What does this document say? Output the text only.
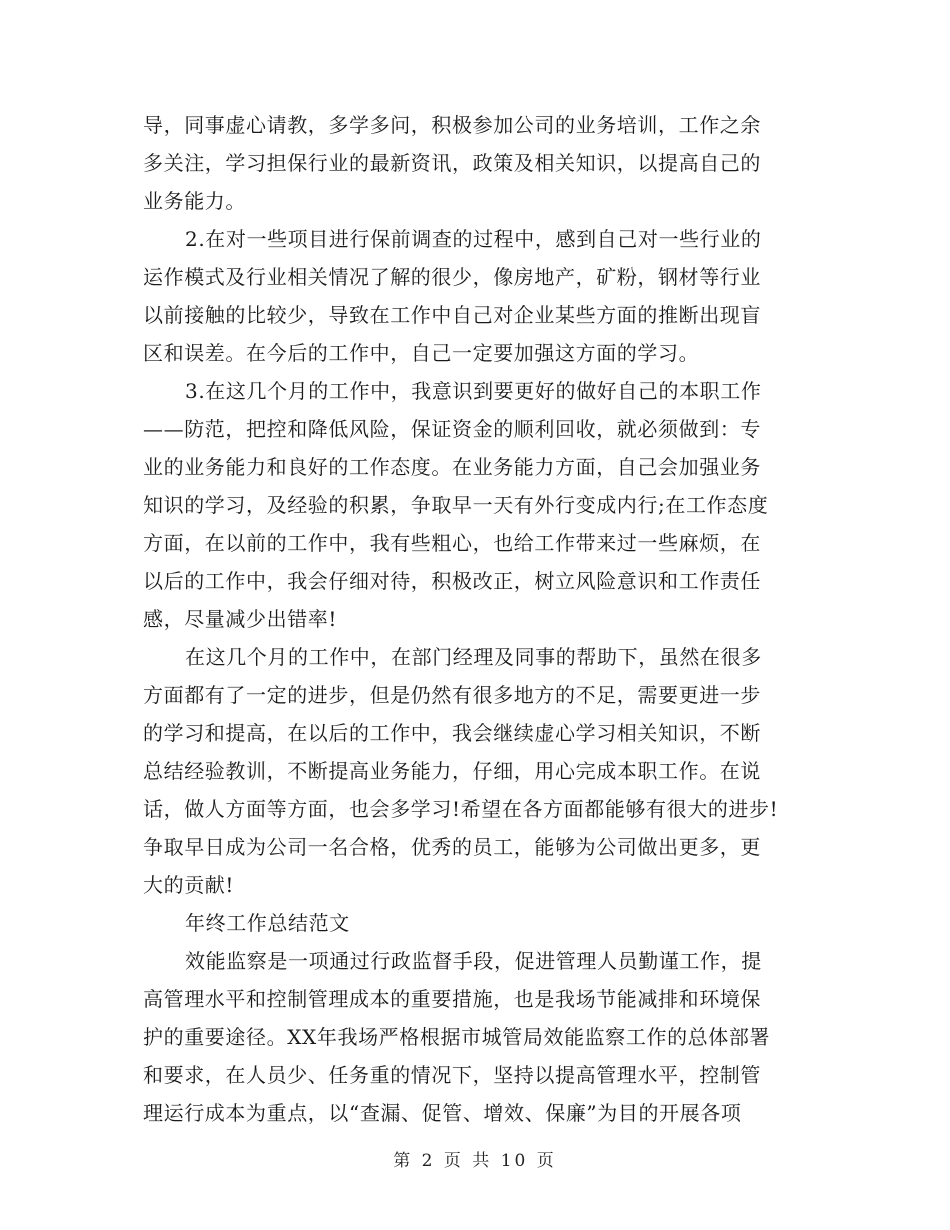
导，同事虚心请教，多学多问，积极参加公司的业务培训，工作之余
多关注，学习担保行业的最新资讯，政策及相关知识，以提高自己的
业务能力。
2.在对一些项目进行保前调查的过程中，感到自己对一些行业的
运作模式及行业相关情况了解的很少，像房地产，矿粉，钢材等行业
以前接触的比较少，导致在工作中自己对企业某些方面的推断出现盲
区和误差。在今后的工作中，自己一定要加强这方面的学习。
3.在这几个月的工作中，我意识到要更好的做好自己的本职工作
——防范，把控和降低风险，保证资金的顺利回收，就必须做到：专
业的业务能力和良好的工作态度。在业务能力方面，自己会加强业务
知识的学习，及经验的积累，争取早一天有外行变成内行;在工作态度
方面，在以前的工作中，我有些粗心，也给工作带来过一些麻烦，在
以后的工作中，我会仔细对待，积极改正，树立风险意识和工作责任
感，尽量减少出错率!
在这几个月的工作中，在部门经理及同事的帮助下，虽然在很多
方面都有了一定的进步，但是仍然有很多地方的不足，需要更进一步
的学习和提高，在以后的工作中，我会继续虚心学习相关知识，不断
总结经验教训，不断提高业务能力，仔细，用心完成本职工作。在说
话，做人方面等方面，也会多学习!希望在各方面都能够有很大的进步!
争取早日成为公司一名合格，优秀的员工，能够为公司做出更多，更
大的贡献!
年终工作总结范文
效能监察是一项通过行政监督手段，促进管理人员勤谨工作，提
高管理水平和控制管理成本的重要措施，也是我场节能减排和环境保
护的重要途径。XX年我场严格根据市城管局效能监察工作的总体部署
和要求，在人员少、任务重的情况下，坚持以提高管理水平，控制管
理运行成本为重点，以“查漏、促管、增效、保廉”为目的开展各项
第 2 页 共 10 页
